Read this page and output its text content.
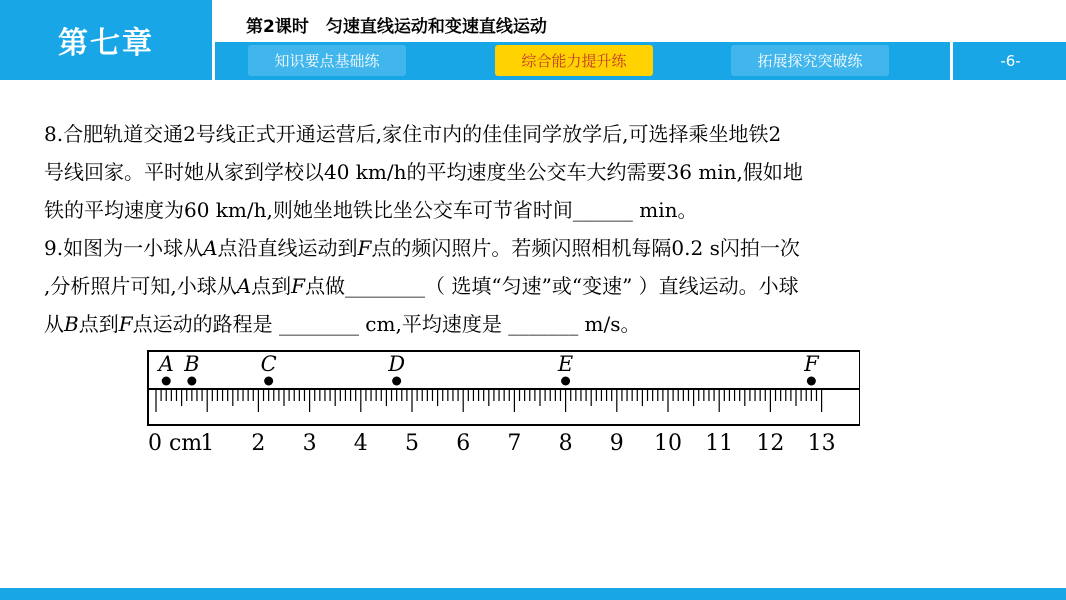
第七章	第2课时　匀速直线运动和变速直线运动
知识要点基础练	综合能力提升练	拓展探究突破练	-6-

8.合肥轨道交通2号线正式开通运营后,家住市内的佳佳同学放学后,可选择乘坐地铁2

号线回家。平时她从家到学校以40 km/h的平均速度坐公交车大约需要36 min,假如地

铁的平均速度为60 km/h,则她坐地铁比坐公交车可节省时间______ min。

9.如图为一小球从A点沿直线运动到F点的频闪照片。若频闪照相机每隔0.2 s闪拍一次

,分析照片可知,小球从A点到F点做________（ 选填“匀速”或“变速” ）直线运动。小球

从B点到F点运动的路程是 ________ cm,平均速度是 _______ m/s。

A B	C	D	E	F
0 cm
1 2 3 4 5 6 7 8 9 10 11 12 13
